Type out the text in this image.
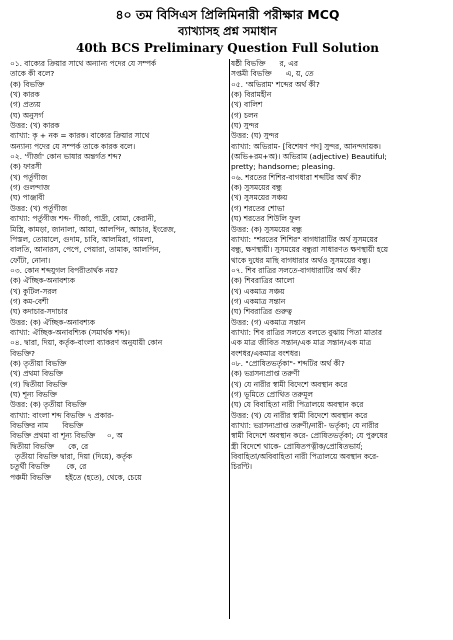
৪০ তম বিসিএস প্রিলিমিনারী পরীক্ষার MCQ
ব্যাখ্যাসহ প্রশ্ন সমাধান
40th BCS Preliminary Question Full Solution
০১. বাক্যের ক্রিয়ার সাথে অন্যান্য পদের যে সম্পর্ক
তাকে কী বলে?
(ক) বিভক্তি
(খ) কারক
(গ) প্রত্যয়
(ঘ) অনুসর্গ
উত্তর: (খ) কারক
ব্যাখ্যা: কৃ + নক = কারক। বাক্যের ক্রিয়ার সাথে
অন্যান্য পদের যে সম্পর্ক তাকে কারক বলে।
০২. 'গীর্জা' কোন ভাষার অন্তর্গত শব্দ?
(ক) ফারসী
(খ) পর্তুগীজ
(গ) গুলন্দাজ
(ঘ) পাঞ্জাবী
উত্তর: (খ) পর্তুগীজ
ব্যাখ্যা: পর্তুগীজ শব্দ- গীর্জা, পাদ্রী, বোমা, কেরানী,
মিস্ত্রি, কামড়া, জানালা, আয়া, আলপিন, আচার, ইংরেজ,
পিস্তল, তোয়ালে, গুদাম, চাবি, আলমিরা, গামলা,
বালতি, আনারস, পেপে, পেয়ারা, তামাক, আলপিন,
ফোঁটা, নোনা।
০৩. কোন শব্দযুগল বিপরীতার্থক নয়?
(ক) ঐচ্ছিক-অনাবশ্যক
(খ) কুটিল-সরল
(গ) কম-বেশী
(ঘ) কদাচার-সদাচার
উত্তর: (ক) ঐচ্ছিক-অনাবশ্যক
ব্যাখ্যা: ঐচ্ছিক-অনাবশ্যিক (সমার্থক শব্দ)।
০৪. দ্বারা, দিয়া, কর্তৃক-বাংলা ব্যাকরণ অনুযায়ী কোন
বিভক্তি?
(ক) তৃতীয়া বিভক্তি
(খ) প্রথমা বিভক্তি
(গ) দ্বিতীয়া বিভক্তি
(ঘ) শূন্য বিভক্তি
উত্তর: (ক) তৃতীয়া বিভক্তি
ব্যাখ্যা: বাংলা শব্দ বিভক্তি ৭ প্রকার-
বিভক্তির নাম      বিভক্তি
বিভক্তি প্রথমা বা শূন্য বিভক্তি     ০, অ
দ্বিতীয়া বিভক্তি      কে, রে
তৃতীয়া বিভক্তি দ্বারা, দিয়া (দিয়ে), কর্তৃক
চতুর্থী বিভক্তি       কে, রে
পঞ্চমী বিভক্তি      হইতে (হতে), থেকে, চেয়ে
ষষ্ঠী বিভক্তি      র, এর
সপ্তমী বিভক্তি      এ, য়, তে
০৫. 'অভিরাম' শব্দের অর্থ কী?
(ক) বিরামহীন
(খ) বালিশ
(গ) চলন
(ঘ) সুন্দর
উত্তর: (ঘ) সুন্দর
ব্যাখ্যা: অভিরাম- [বিশেষণ পদ] সুন্দর, আনন্দদায়ক।
(অভি+রম+অ)। অভিরাম (adjective) Beautiful;
pretty; handsome; pleasing.
০৬. শরতের শিশির-বাগধারা শব্দটির অর্থ কী?
(ক) সুসময়ের বন্ধু
(খ) সুসময়ের সঞ্চয়
(গ) শরতের শোভা
(ঘ) শরতের শিউলি ফুল
উত্তর: (ক) সুসময়ের বন্ধু
ব্যাখ্যা: "শরতের শিশির" বাগধারাটির অর্থ সুসময়ের
বন্ধু, ক্ষণস্থায়ী। সুসময়ের বন্ধুরা সাধারণত ক্ষণস্থায়ী হয়ে
থাকে দুধের মাছি বাগধারার অর্থও সুসময়ের বন্ধু।
০৭. শিব রাত্রির সলতে-বাগধারাটির অর্থ কী?
(ক) শিবরাত্রির আলো
(খ) একমাত্র সঞ্চয়
(গ) একমাত্র সন্তান
(ঘ) শিবরাত্রির গুরুত্ব
উত্তর: (গ) একমাত্র সন্তান
ব্যাখ্যা: শিব রাত্রির সলতে বলতে বুঝায় পিতা মাতার
এক মাত্র জীবিত সন্তান/এক মাত্র সন্তান/এক মাত্র
বংশধর/একমাত্র বংশধর।
০৮. "প্রোষিতভর্তৃকা"- শব্দটির অর্থ কী?
(ক) ভগ্নসন্যপ্রাপ্ত তরুণী
(খ) যে নারীর স্বামী বিদেশে অবস্থান করে
(গ) ভূমিতে প্রোথিত তরুমূল
(ঘ) যে বিবাহিতা নারী পিত্রালয়ে অবস্থান করে
উত্তর: (খ) যে নারীর স্বামী বিদেশে অবস্থান করে
ব্যাখ্যা: ভগ্নসন্যপ্রাপ্ত তরুণী/নারী- ভর্তৃকা; যে নারীর
স্বামী বিদেশে অবস্থান করে- প্রোষিতভর্তৃকা; যে পুরুষের
স্ত্রী বিদেশে থাকে- প্রোষিতপত্নীক/প্রোষিতভার্য;
বিবাহিতা/অবিবাহিতা নারী পিত্রালয়ে অবস্থান করে-
চিরণ্টি।
